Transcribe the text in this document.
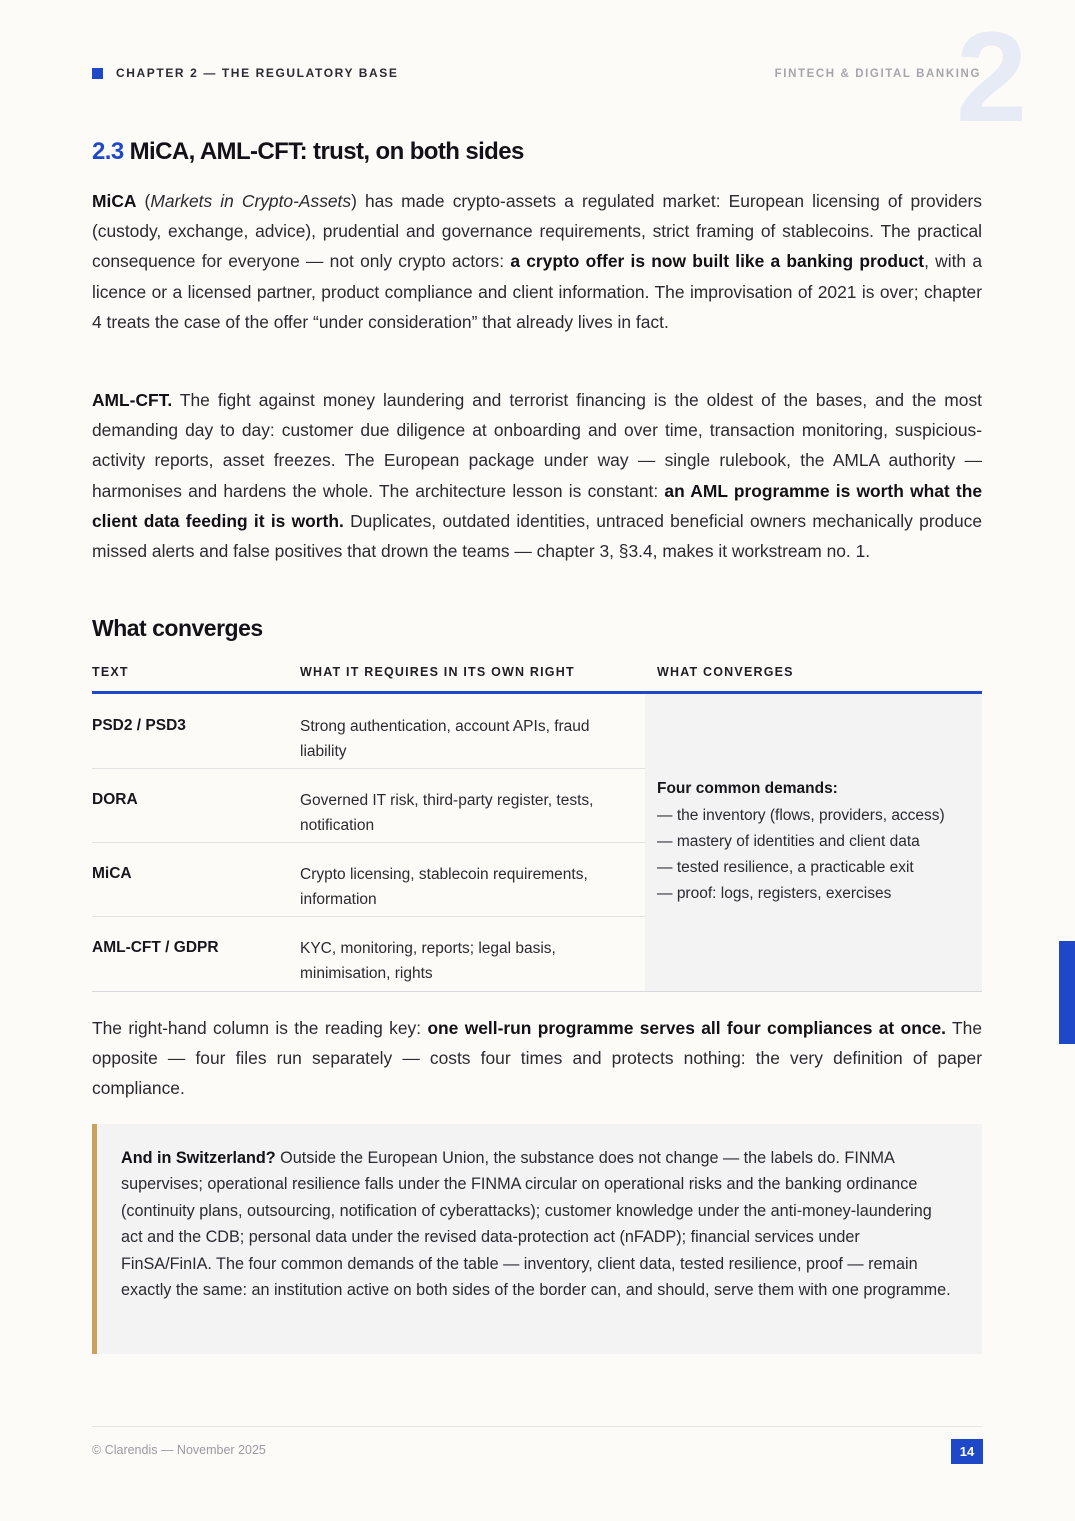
CHAPTER 2 — THE REGULATORY BASE	2
FINTECH & DIGITAL BANKING
2.3 MiCA, AML-CFT: trust, on both sides

MiCA (Markets in Crypto-Assets) has made crypto-assets a regulated market: European licensing of providers (custody, exchange, advice), prudential and governance requirements, strict framing of stablecoins. The practical consequence for everyone — not only crypto actors: a crypto offer is now built like a banking product, with a licence or a licensed partner, product compliance and client information. The improvisation of 2021 is over; chapter 4 treats the case of the offer “under consideration” that already lives in fact.

AML-CFT. The fight against money laundering and terrorist financing is the oldest of the bases, and the most demanding day to day: customer due diligence at onboarding and over time, transaction monitoring, suspicious-activity reports, asset freezes. The European package under way — single rulebook, the AMLA authority — harmonises and hardens the whole. The architecture lesson is constant: an AML programme is worth what the client data feeding it is worth. Duplicates, outdated identities, untraced beneficial owners mechanically produce missed alerts and false positives that drown the teams — chapter 3, §3.4, makes it workstream no. 1.

What converges
TEXT	WHAT IT REQUIRES IN ITS OWN RIGHT	WHAT CONVERGES
PSD2 / PSD3	Strong authentication, account APIs, fraud liability
DORA	Governed IT risk, third-party register, tests, notification
MiCA	Crypto licensing, stablecoin requirements, information
AML-CFT / GDPR	KYC, monitoring, reports; legal basis, minimisation, rights
Four common demands:
— the inventory (flows, providers, access)
— mastery of identities and client data
— tested resilience, a practicable exit
— proof: logs, registers, exercises

The right-hand column is the reading key: one well-run programme serves all four compliances at once. The opposite — four files run separately — costs four times and protects nothing: the very definition of paper compliance.

And in Switzerland? Outside the European Union, the substance does not change — the labels do. FINMA supervises; operational resilience falls under the FINMA circular on operational risks and the banking ordinance (continuity plans, outsourcing, notification of cyberattacks); customer knowledge under the anti-money-laundering act and the CDB; personal data under the revised data-protection act (nFADP); financial services under FinSA/FinIA. The four common demands of the table — inventory, client data, tested resilience, proof — remain exactly the same: an institution active on both sides of the border can, and should, serve them with one programme.
© Clarendis — November 2025	14
